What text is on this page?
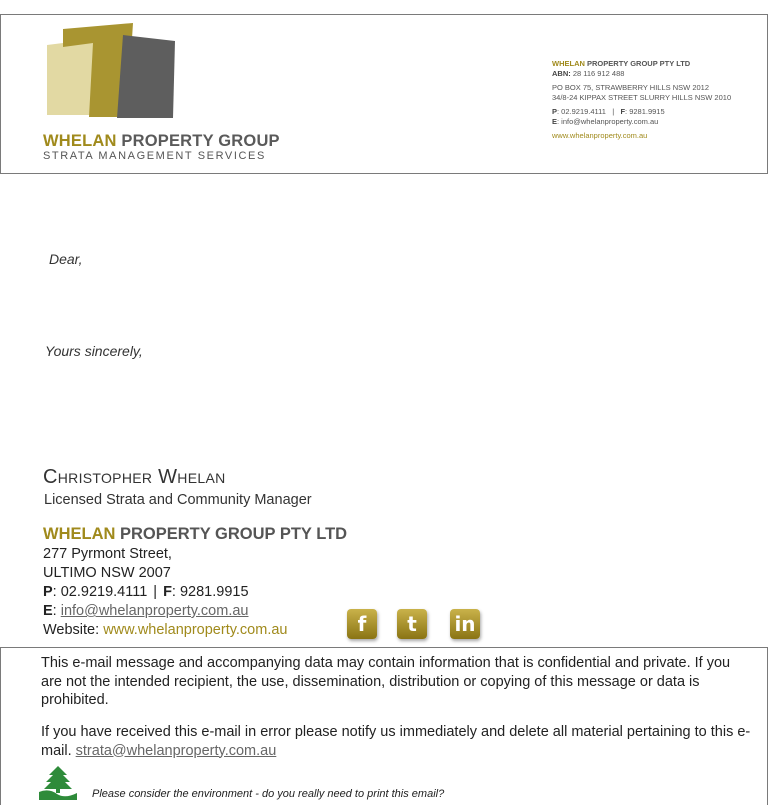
WHELAN PROPERTY GROUP
STRATA MANAGEMENT SERVICES
WHELAN PROPERTY GROUP PTY LTD
ABN: 28 116 912 488
PO BOX 75, STRAWBERRY HILLS NSW 2012
34/8-24 KIPPAX STREET SLURRY HILLS NSW 2010
P: 02.9219.4111 | F: 9281.9915
E: info@whelanproperty.com.au
www.whelanproperty.com.au
Dear,
Yours sincerely,
Christopher Whelan
Licensed Strata and Community Manager
WHELAN PROPERTY GROUP PTY LTD
277 Pyrmont Street,
ULTIMO NSW 2007
P: 02.9219.4111 | F: 9281.9915
E: info@whelanproperty.com.au
Website: www.whelanproperty.com.au	f	t	in

This e-mail message and accompanying data may contain information that is confidential and private. If you are not the intended recipient, the use, dissemination, distribution or copying of this message or data is prohibited.

If you have received this e-mail in error please notify us immediately and delete all material pertaining to this e-mail. strata@whelanproperty.com.au

Please consider the environment - do you really need to print this email?
